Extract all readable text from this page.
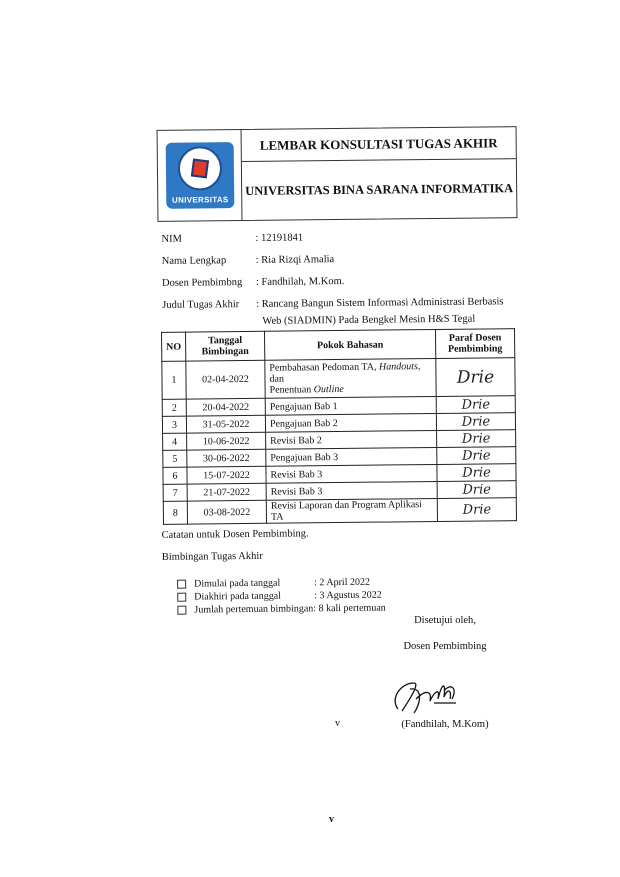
UNIVERSITAS
LEMBAR KONSULTASI TUGAS AKHIR
UNIVERSITAS BINA SARANA INFORMATIKA
NIM	: 12191841
Nama Lengkap	: Ria Rizqi Amalia
Dosen Pembimbng	: Fandhilah, M.Kom.
Judul Tugas Akhir	: Rancang Bangun Sistem Informasi Administrasi Berbasis
Web (SIADMIN) Pada Bengkel Mesin H&S Tegal
NO	Tanggal Bimbingan	Pokok Bahasan	Paraf Dosen Pembimbing
1	02-04-2022	Pembahasan Pedoman TA, Handouts, dan
Penentuan Outline	Drie
2	20-04-2022	Pengajuan Bab 1	Drie
3	31-05-2022	Pengajuan Bab 2	Drie
4	10-06-2022	Revisi Bab 2	Drie
5	30-06-2022	Pengajuan Bab 3	Drie
6	15-07-2022	Revisi Bab 3	Drie
7	21-07-2022	Revisi Bab 3	Drie
8	03-08-2022	Revisi Laporan dan Program Aplikasi TA	Drie

Catatan untuk Dosen Pembimbing.

Bimbingan Tugas Akhir

Dimulai pada tanggal	: 2 April 2022
Diakhiri pada tanggal	: 3 Agustus 2022
Jumlah pertemuan bimbingan : 8 kali pertemuan
Disetujui oleh,
Dosen Pembimbing
(Fandhilah, M.Kom)
v
v
